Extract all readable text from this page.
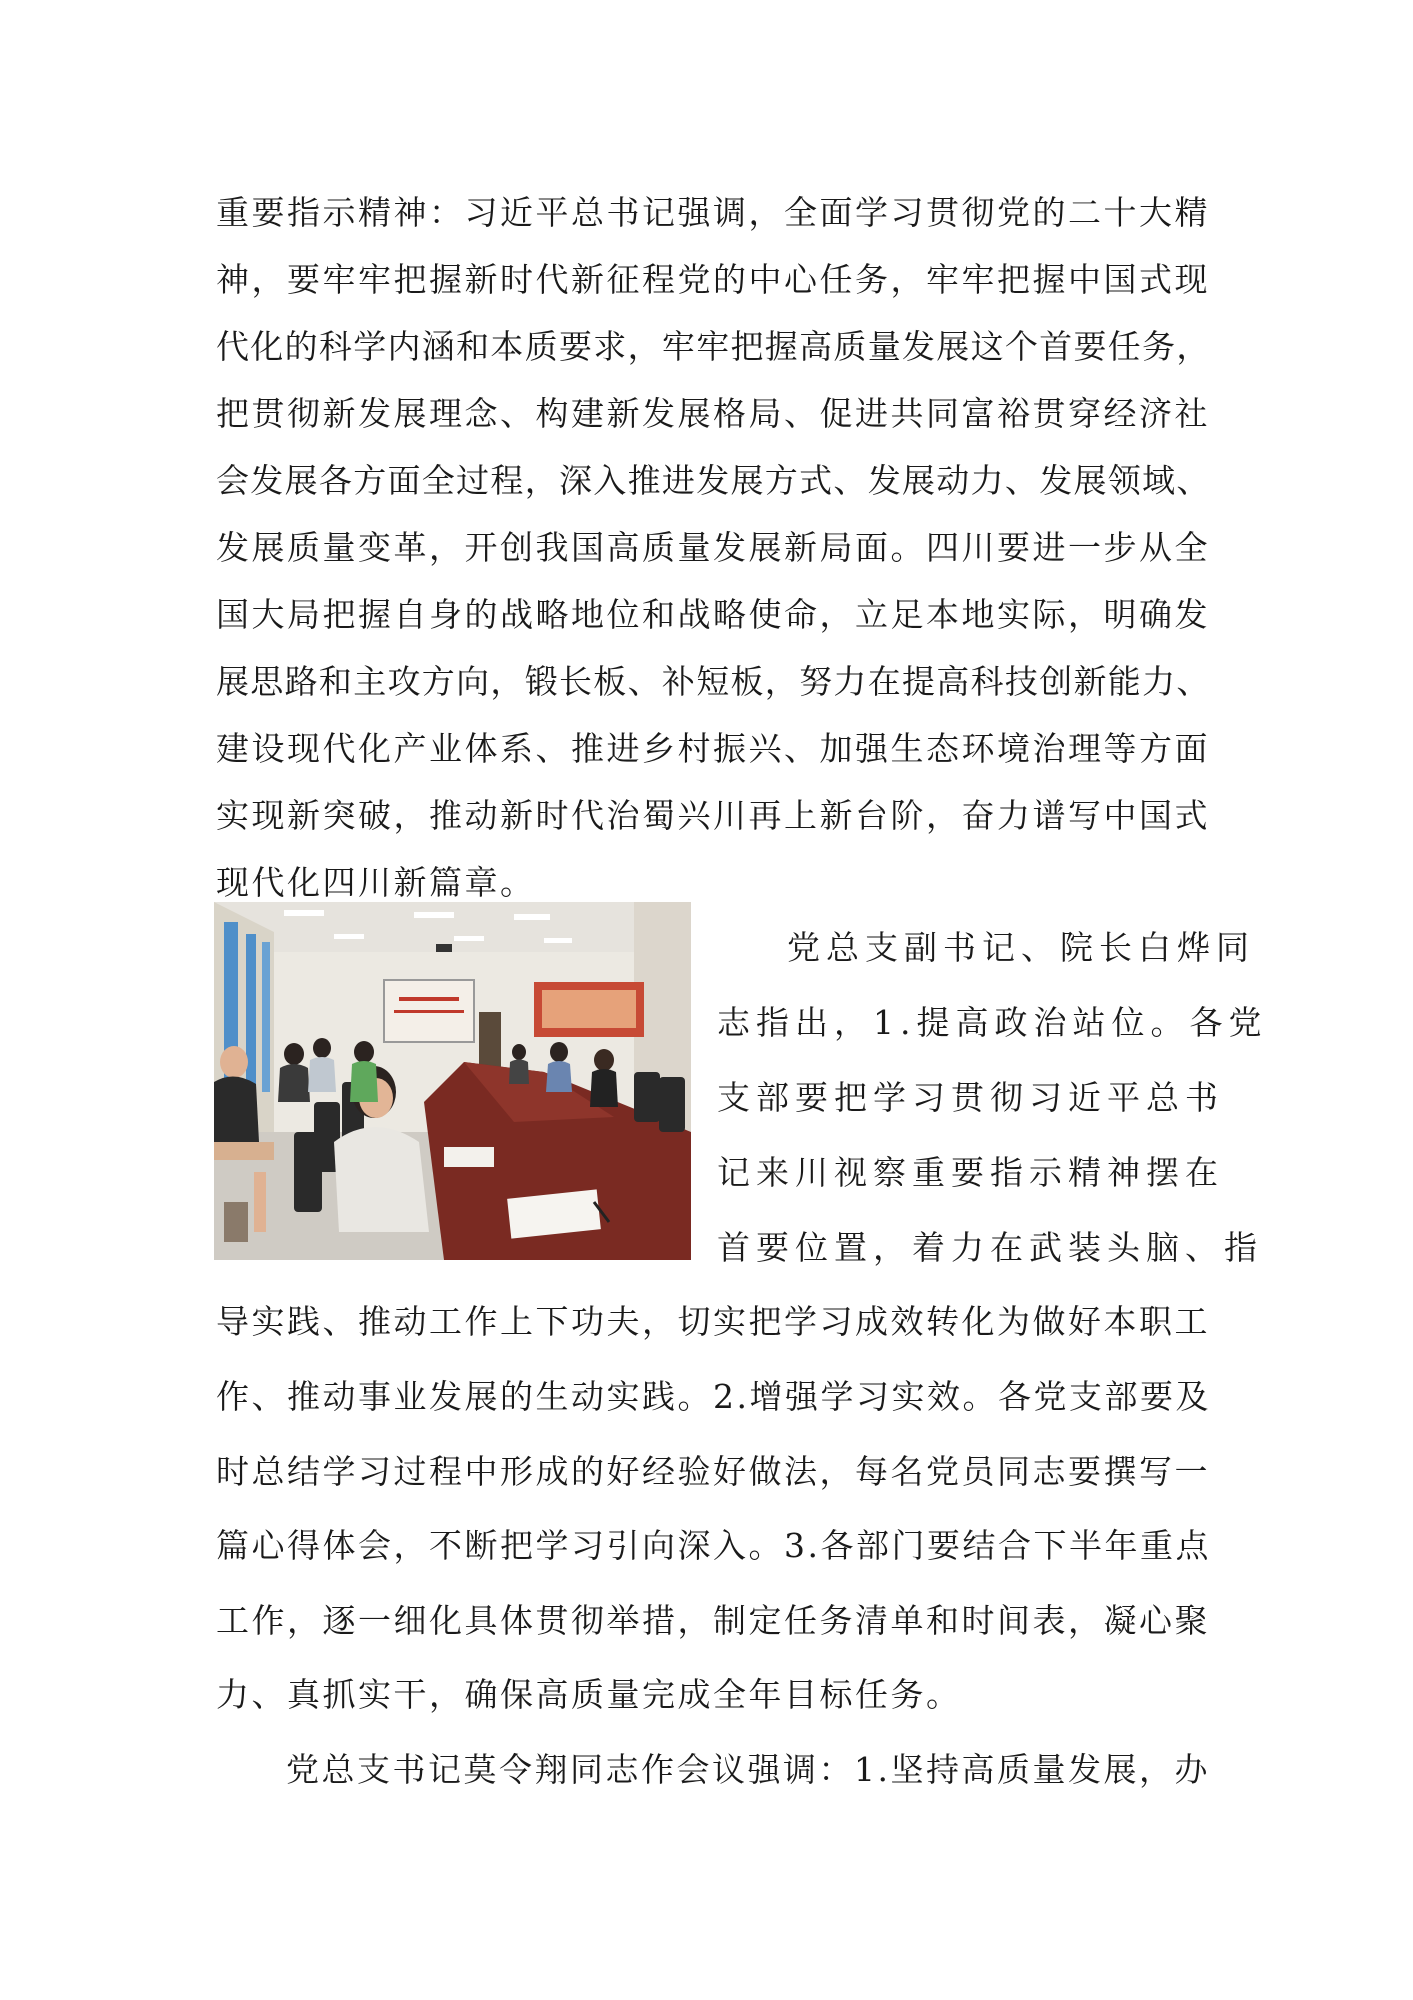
重要指示精神：习近平总书记强调，全面学习贯彻党的二十大精
神，要牢牢把握新时代新征程党的中心任务，牢牢把握中国式现
代化的科学内涵和本质要求，牢牢把握高质量发展这个首要任务，
把贯彻新发展理念、构建新发展格局、促进共同富裕贯穿经济社
会发展各方面全过程，深入推进发展方式、发展动力、发展领域、
发展质量变革，开创我国高质量发展新局面。四川要进一步从全
国大局把握自身的战略地位和战略使命，立足本地实际，明确发
展思路和主攻方向，锻长板、补短板，努力在提高科技创新能力、
建设现代化产业体系、推进乡村振兴、加强生态环境治理等方面
实现新突破，推动新时代治蜀兴川再上新台阶，奋力谱写中国式
现代化四川新篇章。
党总支副书记、院长白烨同
志指出，1.提高政治站位。各党
支部要把学习贯彻习近平总书
记来川视察重要指示精神摆在
首要位置，着力在武装头脑、指
导实践、推动工作上下功夫，切实把学习成效转化为做好本职工
作、推动事业发展的生动实践。2.增强学习实效。各党支部要及
时总结学习过程中形成的好经验好做法，每名党员同志要撰写一
篇心得体会，不断把学习引向深入。3.各部门要结合下半年重点
工作，逐一细化具体贯彻举措，制定任务清单和时间表，凝心聚
力、真抓实干，确保高质量完成全年目标任务。
党总支书记莫令翔同志作会议强调：1.坚持高质量发展，办
